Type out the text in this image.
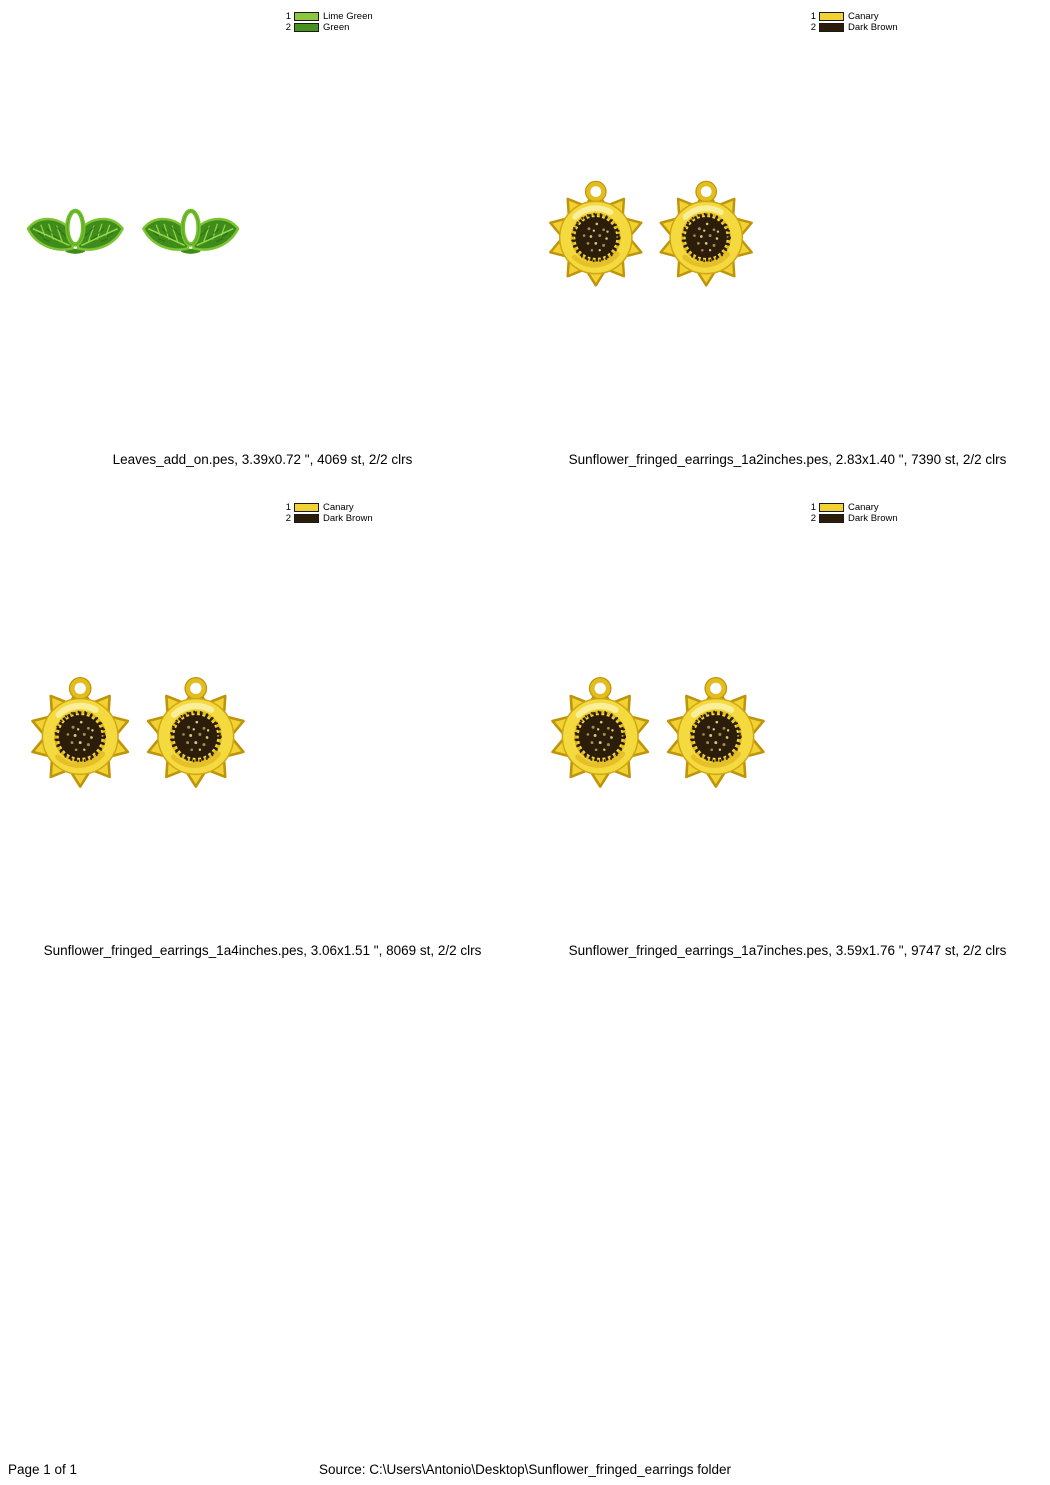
1	Lime Green
2	Green
Leaves_add_on.pes, 3.39x0.72 ", 4069 st, 2/2 clrs
1	Canary
2	Dark Brown
Sunflower_fringed_earrings_1a2inches.pes, 2.83x1.40 ", 7390 st, 2/2 clrs
1	Canary
2	Dark Brown
Sunflower_fringed_earrings_1a4inches.pes, 3.06x1.51 ", 8069 st, 2/2 clrs
1	Canary
2	Dark Brown
Sunflower_fringed_earrings_1a7inches.pes, 3.59x1.76 ", 9747 st, 2/2 clrs
Page 1 of 1	Source: C:\Users\Antonio\Desktop\Sunflower_fringed_earrings folder
